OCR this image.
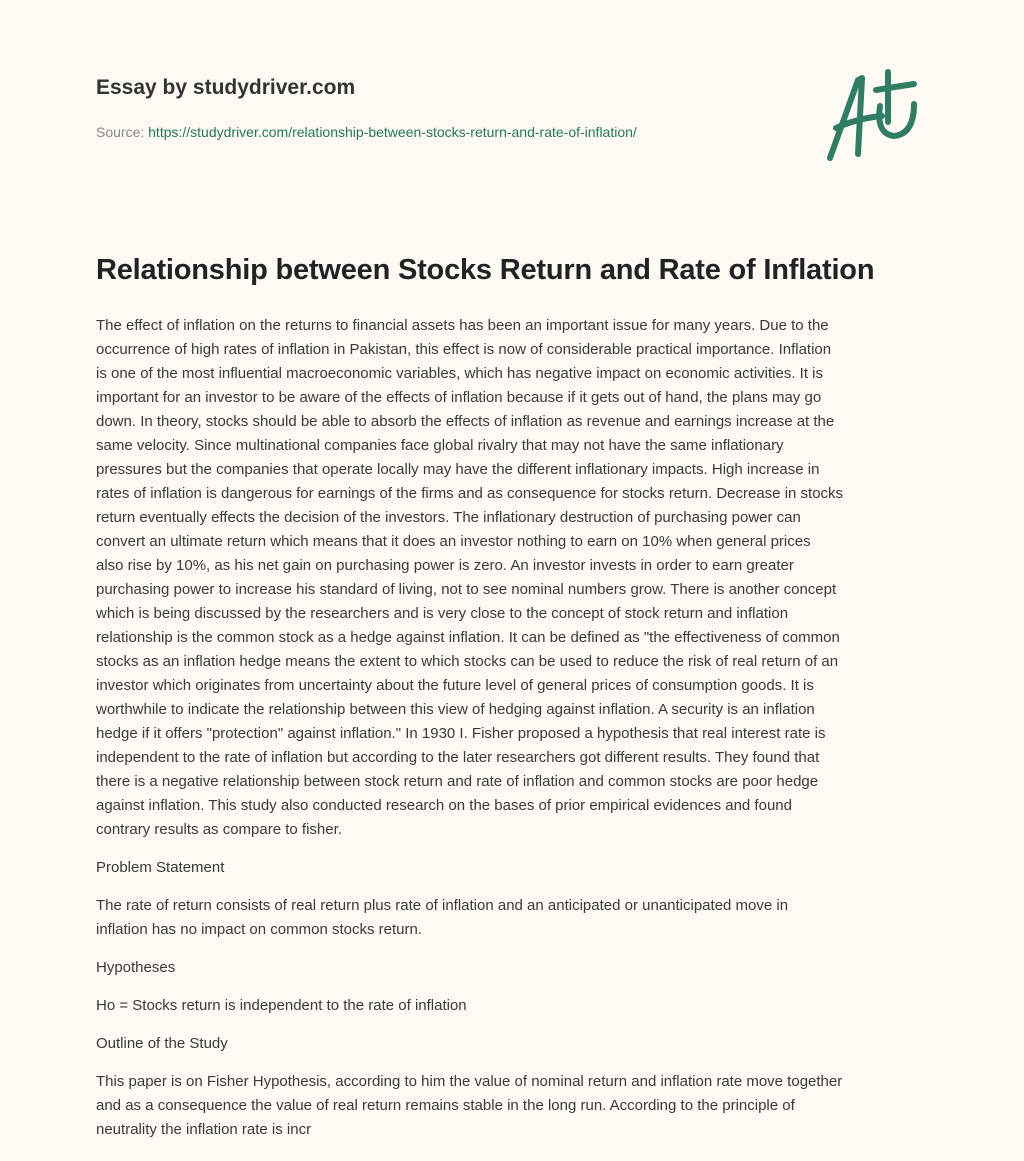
Essay by studydriver.com
Source: https://studydriver.com/relationship-between-stocks-return-and-rate-of-inflation/
Relationship between Stocks Return and Rate of Inflation

The effect of inflation on the returns to financial assets has been an important issue for many years. Due to the
occurrence of high rates of inflation in Pakistan, this effect is now of considerable practical importance. Inflation
is one of the most influential macroeconomic variables, which has negative impact on economic activities. It is
important for an investor to be aware of the effects of inflation because if it gets out of hand, the plans may go
down. In theory, stocks should be able to absorb the effects of inflation as revenue and earnings increase at the
same velocity. Since multinational companies face global rivalry that may not have the same inflationary
pressures but the companies that operate locally may have the different inflationary impacts. High increase in
rates of inflation is dangerous for earnings of the firms and as consequence for stocks return. Decrease in stocks
return eventually effects the decision of the investors. The inflationary destruction of purchasing power can
convert an ultimate return which means that it does an investor nothing to earn on 10% when general prices
also rise by 10%, as his net gain on purchasing power is zero. An investor invests in order to earn greater
purchasing power to increase his standard of living, not to see nominal numbers grow. There is another concept
which is being discussed by the researchers and is very close to the concept of stock return and inflation
relationship is the common stock as a hedge against inflation. It can be defined as "the effectiveness of common
stocks as an inflation hedge means the extent to which stocks can be used to reduce the risk of real return of an
investor which originates from uncertainty about the future level of general prices of consumption goods. It is
worthwhile to indicate the relationship between this view of hedging against inflation. A security is an inflation
hedge if it offers "protection" against inflation." In 1930 I. Fisher proposed a hypothesis that real interest rate is
independent to the rate of inflation but according to the later researchers got different results. They found that
there is a negative relationship between stock return and rate of inflation and common stocks are poor hedge
against inflation. This study also conducted research on the bases of prior empirical evidences and found
contrary results as compare to fisher.

Problem Statement

The rate of return consists of real return plus rate of inflation and an anticipated or unanticipated move in
inflation has no impact on common stocks return.

Hypotheses

Ho = Stocks return is independent to the rate of inflation

Outline of the Study

This paper is on Fisher Hypothesis, according to him the value of nominal return and inflation rate move together
and as a consequence the value of real return remains stable in the long run. According to the principle of
neutrality the inflation rate is incr
